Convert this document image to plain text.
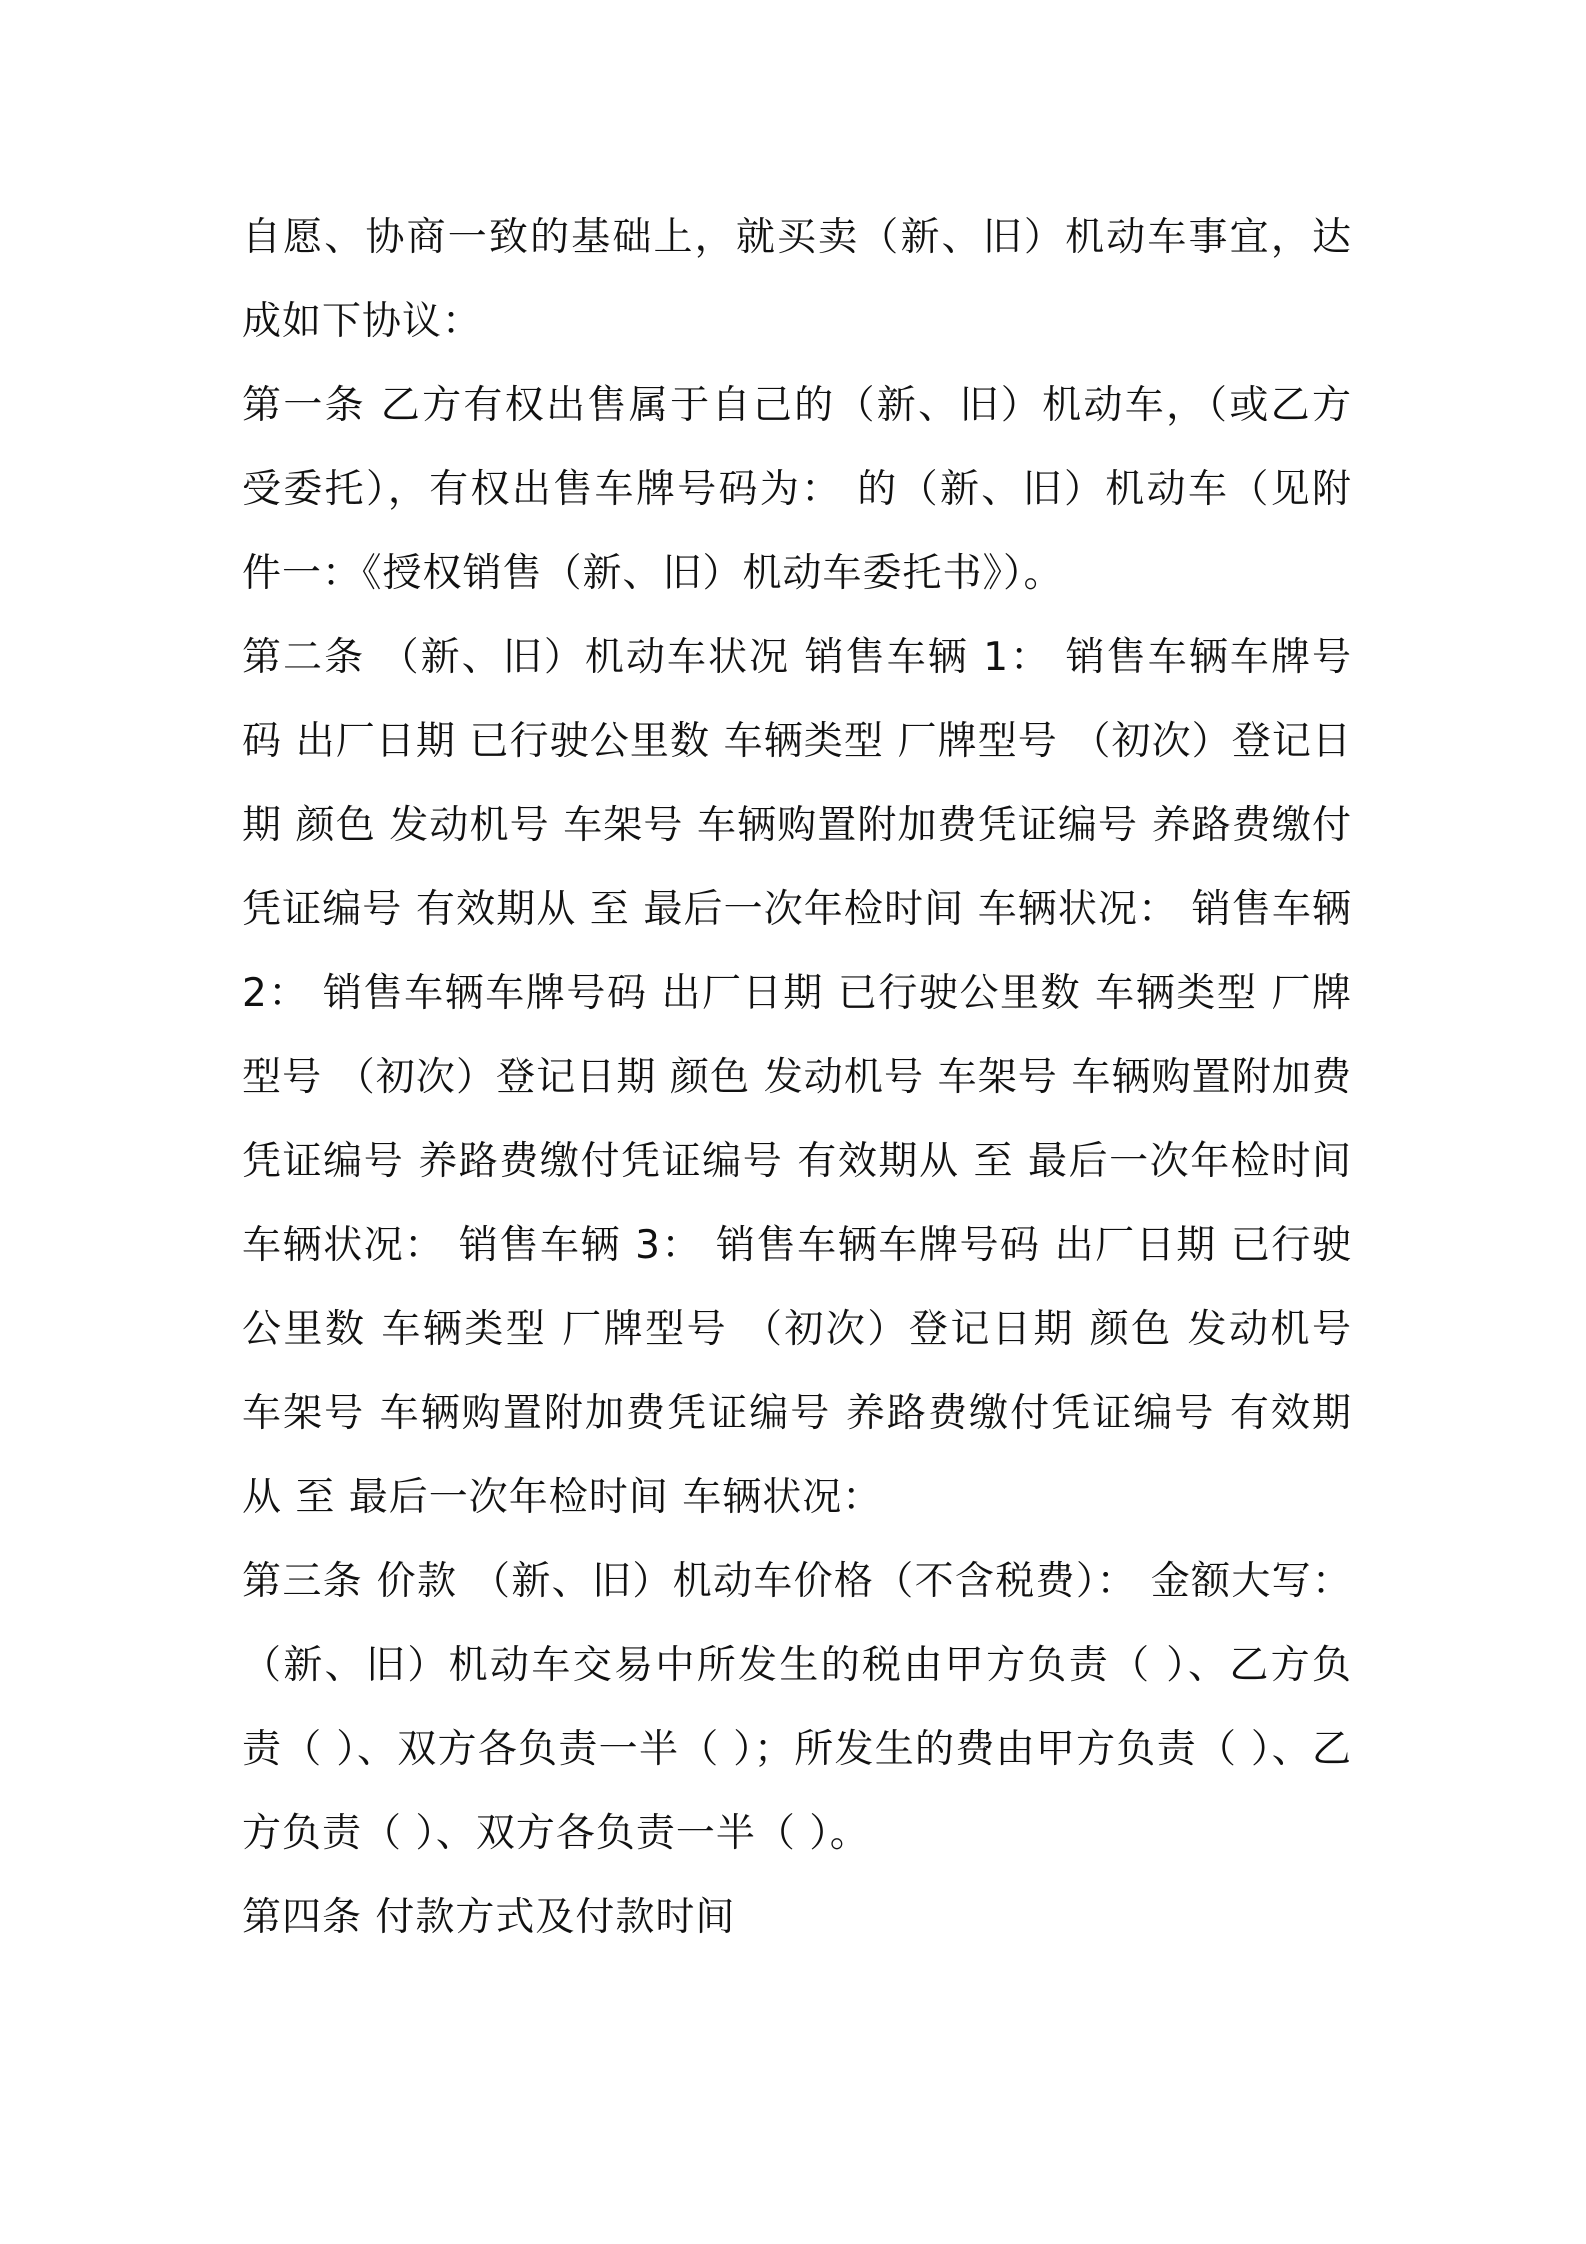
自愿、协商一致的基础上，就买卖（新、旧）机动车事宜，达成如下协议：

第一条 乙方有权出售属于自己的（新、旧）机动车，（或乙方受委托），有权出售车牌号码为： 的（新、旧）机动车（见附件一：《授权销售（新、旧）机动车委托书》）。

第二条 （新、旧）机动车状况 销售车辆 1： 销售车辆车牌号码 出厂日期 已行驶公里数 车辆类型 厂牌型号 （初次）登记日期 颜色 发动机号 车架号 车辆购置附加费凭证编号 养路费缴付凭证编号 有效期从 至 最后一次年检时间 车辆状况： 销售车辆 2： 销售车辆车牌号码 出厂日期 已行驶公里数 车辆类型 厂牌型号 （初次）登记日期 颜色 发动机号 车架号 车辆购置附加费凭证编号 养路费缴付凭证编号 有效期从 至 最后一次年检时间 车辆状况： 销售车辆 3： 销售车辆车牌号码 出厂日期 已行驶公里数 车辆类型 厂牌型号 （初次）登记日期 颜色 发动机号 车架号 车辆购置附加费凭证编号 养路费缴付凭证编号 有效期从 至 最后一次年检时间 车辆状况：

第三条 价款 （新、旧）机动车价格（不含税费）： 金额大写： （新、旧）机动车交易中所发生的税由甲方负责（ ）、乙方负责（ ）、双方各负责一半（ ）；所发生的费由甲方负责（ ）、乙方负责（ ）、双方各负责一半（ ）。

第四条 付款方式及付款时间
